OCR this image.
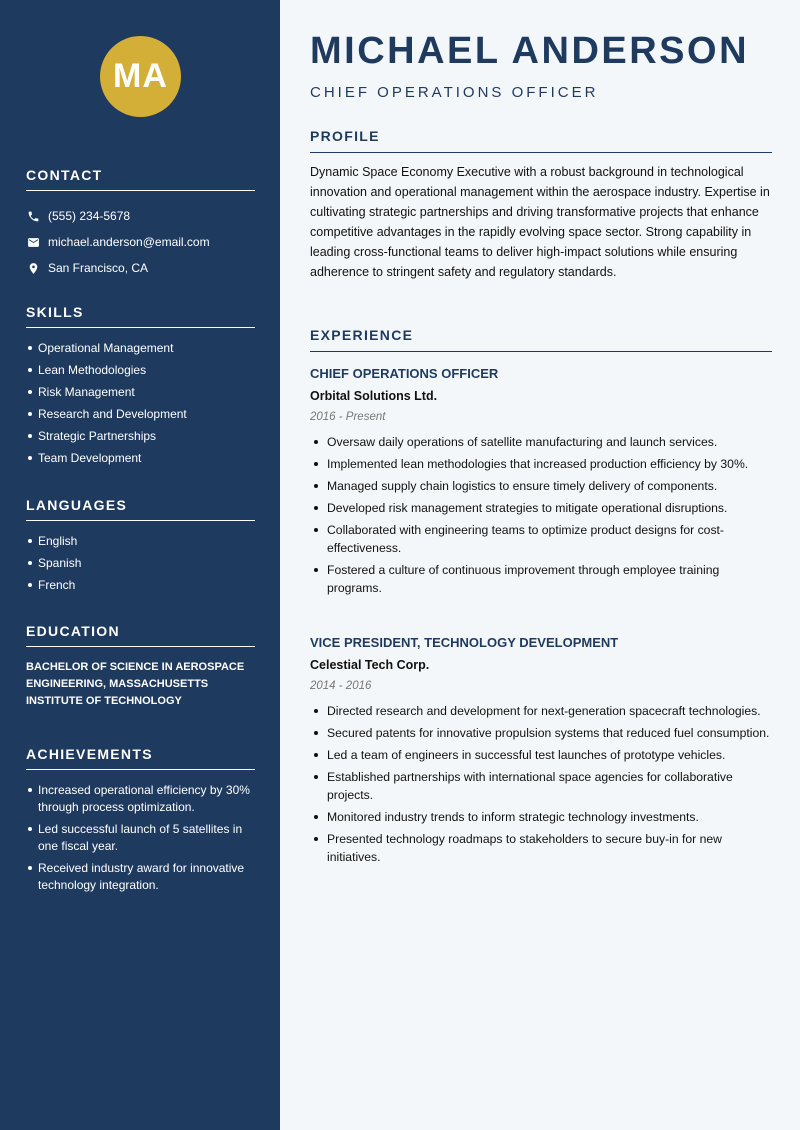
MA
CONTACT
(555) 234-5678
michael.anderson@email.com
San Francisco, CA
SKILLS
Operational Management
Lean Methodologies
Risk Management
Research and Development
Strategic Partnerships
Team Development
LANGUAGES
English
Spanish
French
EDUCATION
BACHELOR OF SCIENCE IN AEROSPACE ENGINEERING, MASSACHUSETTS INSTITUTE OF TECHNOLOGY
ACHIEVEMENTS
Increased operational efficiency by 30% through process optimization.
Led successful launch of 5 satellites in one fiscal year.
Received industry award for innovative technology integration.
MICHAEL ANDERSON
CHIEF OPERATIONS OFFICER
PROFILE

Dynamic Space Economy Executive with a robust background in technological innovation and operational management within the aerospace industry. Expertise in cultivating strategic partnerships and driving transformative projects that enhance competitive advantages in the rapidly evolving space sector. Strong capability in leading cross-functional teams to deliver high-impact solutions while ensuring adherence to stringent safety and regulatory standards.

EXPERIENCE
CHIEF OPERATIONS OFFICER
Orbital Solutions Ltd.
2016 - Present
Oversaw daily operations of satellite manufacturing and launch services.
Implemented lean methodologies that increased production efficiency by 30%.
Managed supply chain logistics to ensure timely delivery of components.
Developed risk management strategies to mitigate operational disruptions.
Collaborated with engineering teams to optimize product designs for cost-effectiveness.
Fostered a culture of continuous improvement through employee training programs.
VICE PRESIDENT, TECHNOLOGY DEVELOPMENT
Celestial Tech Corp.
2014 - 2016
Directed research and development for next-generation spacecraft technologies.
Secured patents for innovative propulsion systems that reduced fuel consumption.
Led a team of engineers in successful test launches of prototype vehicles.
Established partnerships with international space agencies for collaborative projects.
Monitored industry trends to inform strategic technology investments.
Presented technology roadmaps to stakeholders to secure buy-in for new initiatives.
